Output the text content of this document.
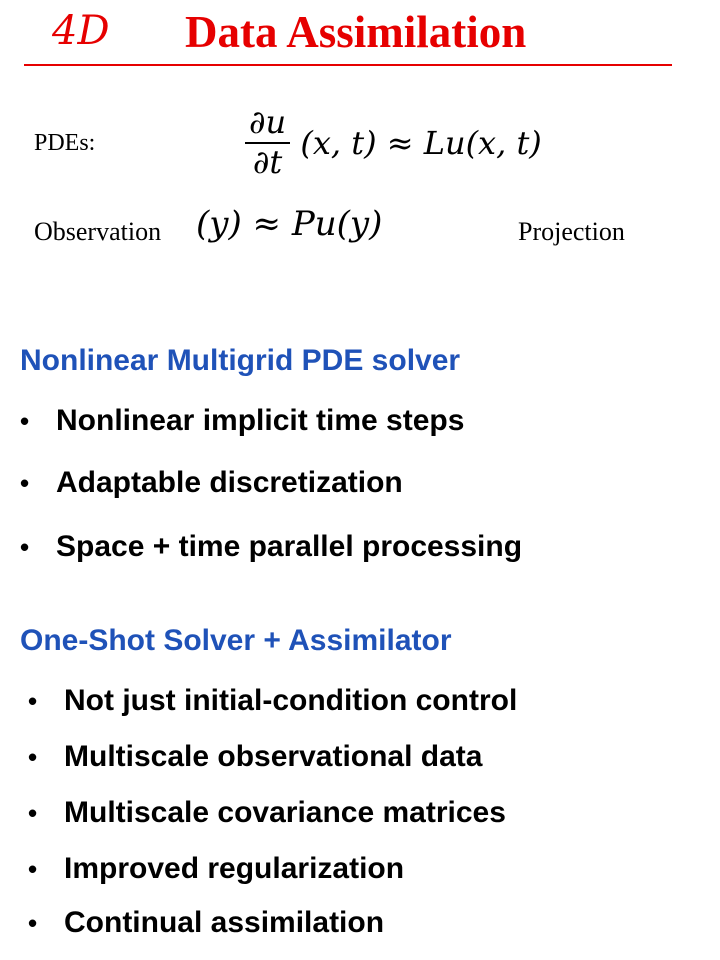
4D Data Assimilation
PDEs:	$\frac{\partial u}{\partial t} (x$, t) ≈ Lu(x, t)
Observation (y) ≈ Pu(y)	Projection
Nonlinear Multigrid PDE solver
• Nonlinear implicit time steps
• Adaptable discretization
• Space + time parallel processing
One-Shot Solver + Assimilator
• Not just initial-condition control
• Multiscale observational data
• Multiscale covariance matrices
• Improved regularization
• Continual assimilation
